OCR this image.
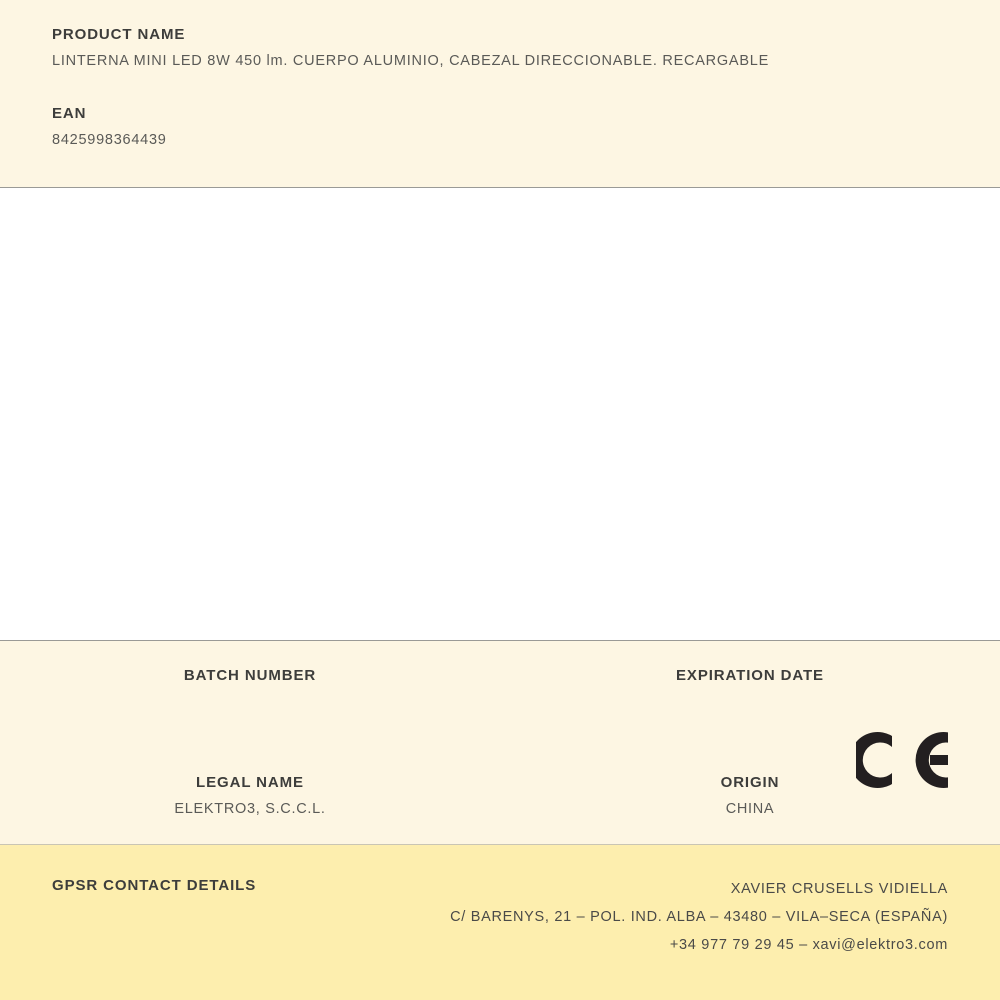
PRODUCT NAME
LINTERNA MINI LED 8W 450 lm. CUERPO ALUMINIO, CABEZAL DIRECCIONABLE. RECARGABLE
EAN
8425998364439
BATCH NUMBER	EXPIRATION DATE
LEGAL NAME
ELEKTRO3, S.C.C.L.
ORIGIN
CHINA
GPSR CONTACT DETAILS	XAVIER CRUSELLS VIDIELLA
C/ BARENYS, 21 – POL. IND. ALBA – 43480 – VILA–SECA (ESPAÑA)
+34 977 79 29 45 – xavi@elektro3.com
